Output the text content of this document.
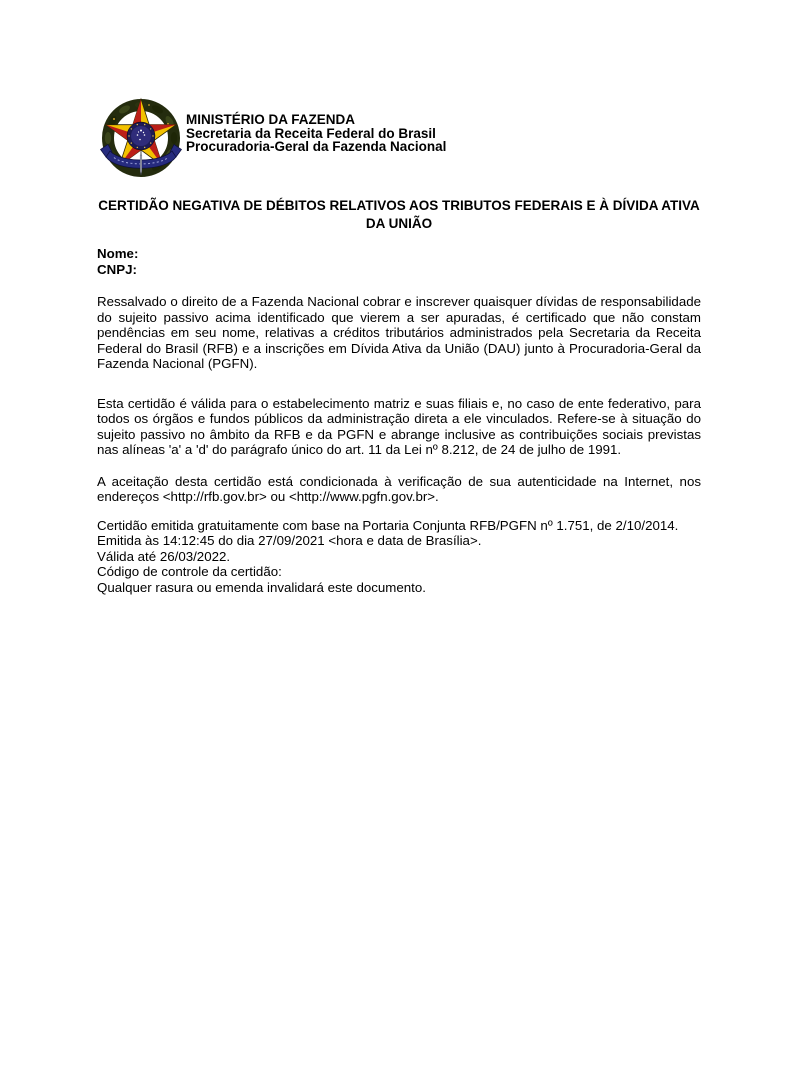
MINISTÉRIO DA FAZENDA
Secretaria da Receita Federal do Brasil
Procuradoria-Geral da Fazenda Nacional
CERTIDÃO NEGATIVA DE DÉBITOS RELATIVOS AOS TRIBUTOS FEDERAIS E À DÍVIDA ATIVA DA UNIÃO
Nome:
CNPJ:

Ressalvado o direito de a Fazenda Nacional cobrar e inscrever quaisquer dívidas de responsabilidade do sujeito passivo acima identificado que vierem a ser apuradas, é certificado que não constam pendências em seu nome, relativas a créditos tributários administrados pela Secretaria da Receita Federal do Brasil (RFB) e a inscrições em Dívida Ativa da União (DAU) junto à Procuradoria-Geral da Fazenda Nacional (PGFN).

Esta certidão é válida para o estabelecimento matriz e suas filiais e, no caso de ente federativo, para todos os órgãos e fundos públicos da administração direta a ele vinculados. Refere-se à situação do sujeito passivo no âmbito da RFB e da PGFN e abrange inclusive as contribuições sociais previstas nas alíneas 'a' a 'd' do parágrafo único do art. 11 da Lei nº 8.212, de 24 de julho de 1991.

A aceitação desta certidão está condicionada à verificação de sua autenticidade na Internet, nos endereços <http://rfb.gov.br> ou <http://www.pgfn.gov.br>.

Certidão emitida gratuitamente com base na Portaria Conjunta RFB/PGFN nº 1.751, de 2/10/2014.
Emitida às 14:12:45 do dia 27/09/2021 <hora e data de Brasília>.
Válida até 26/03/2022.
Código de controle da certidão:
Qualquer rasura ou emenda invalidará este documento.
